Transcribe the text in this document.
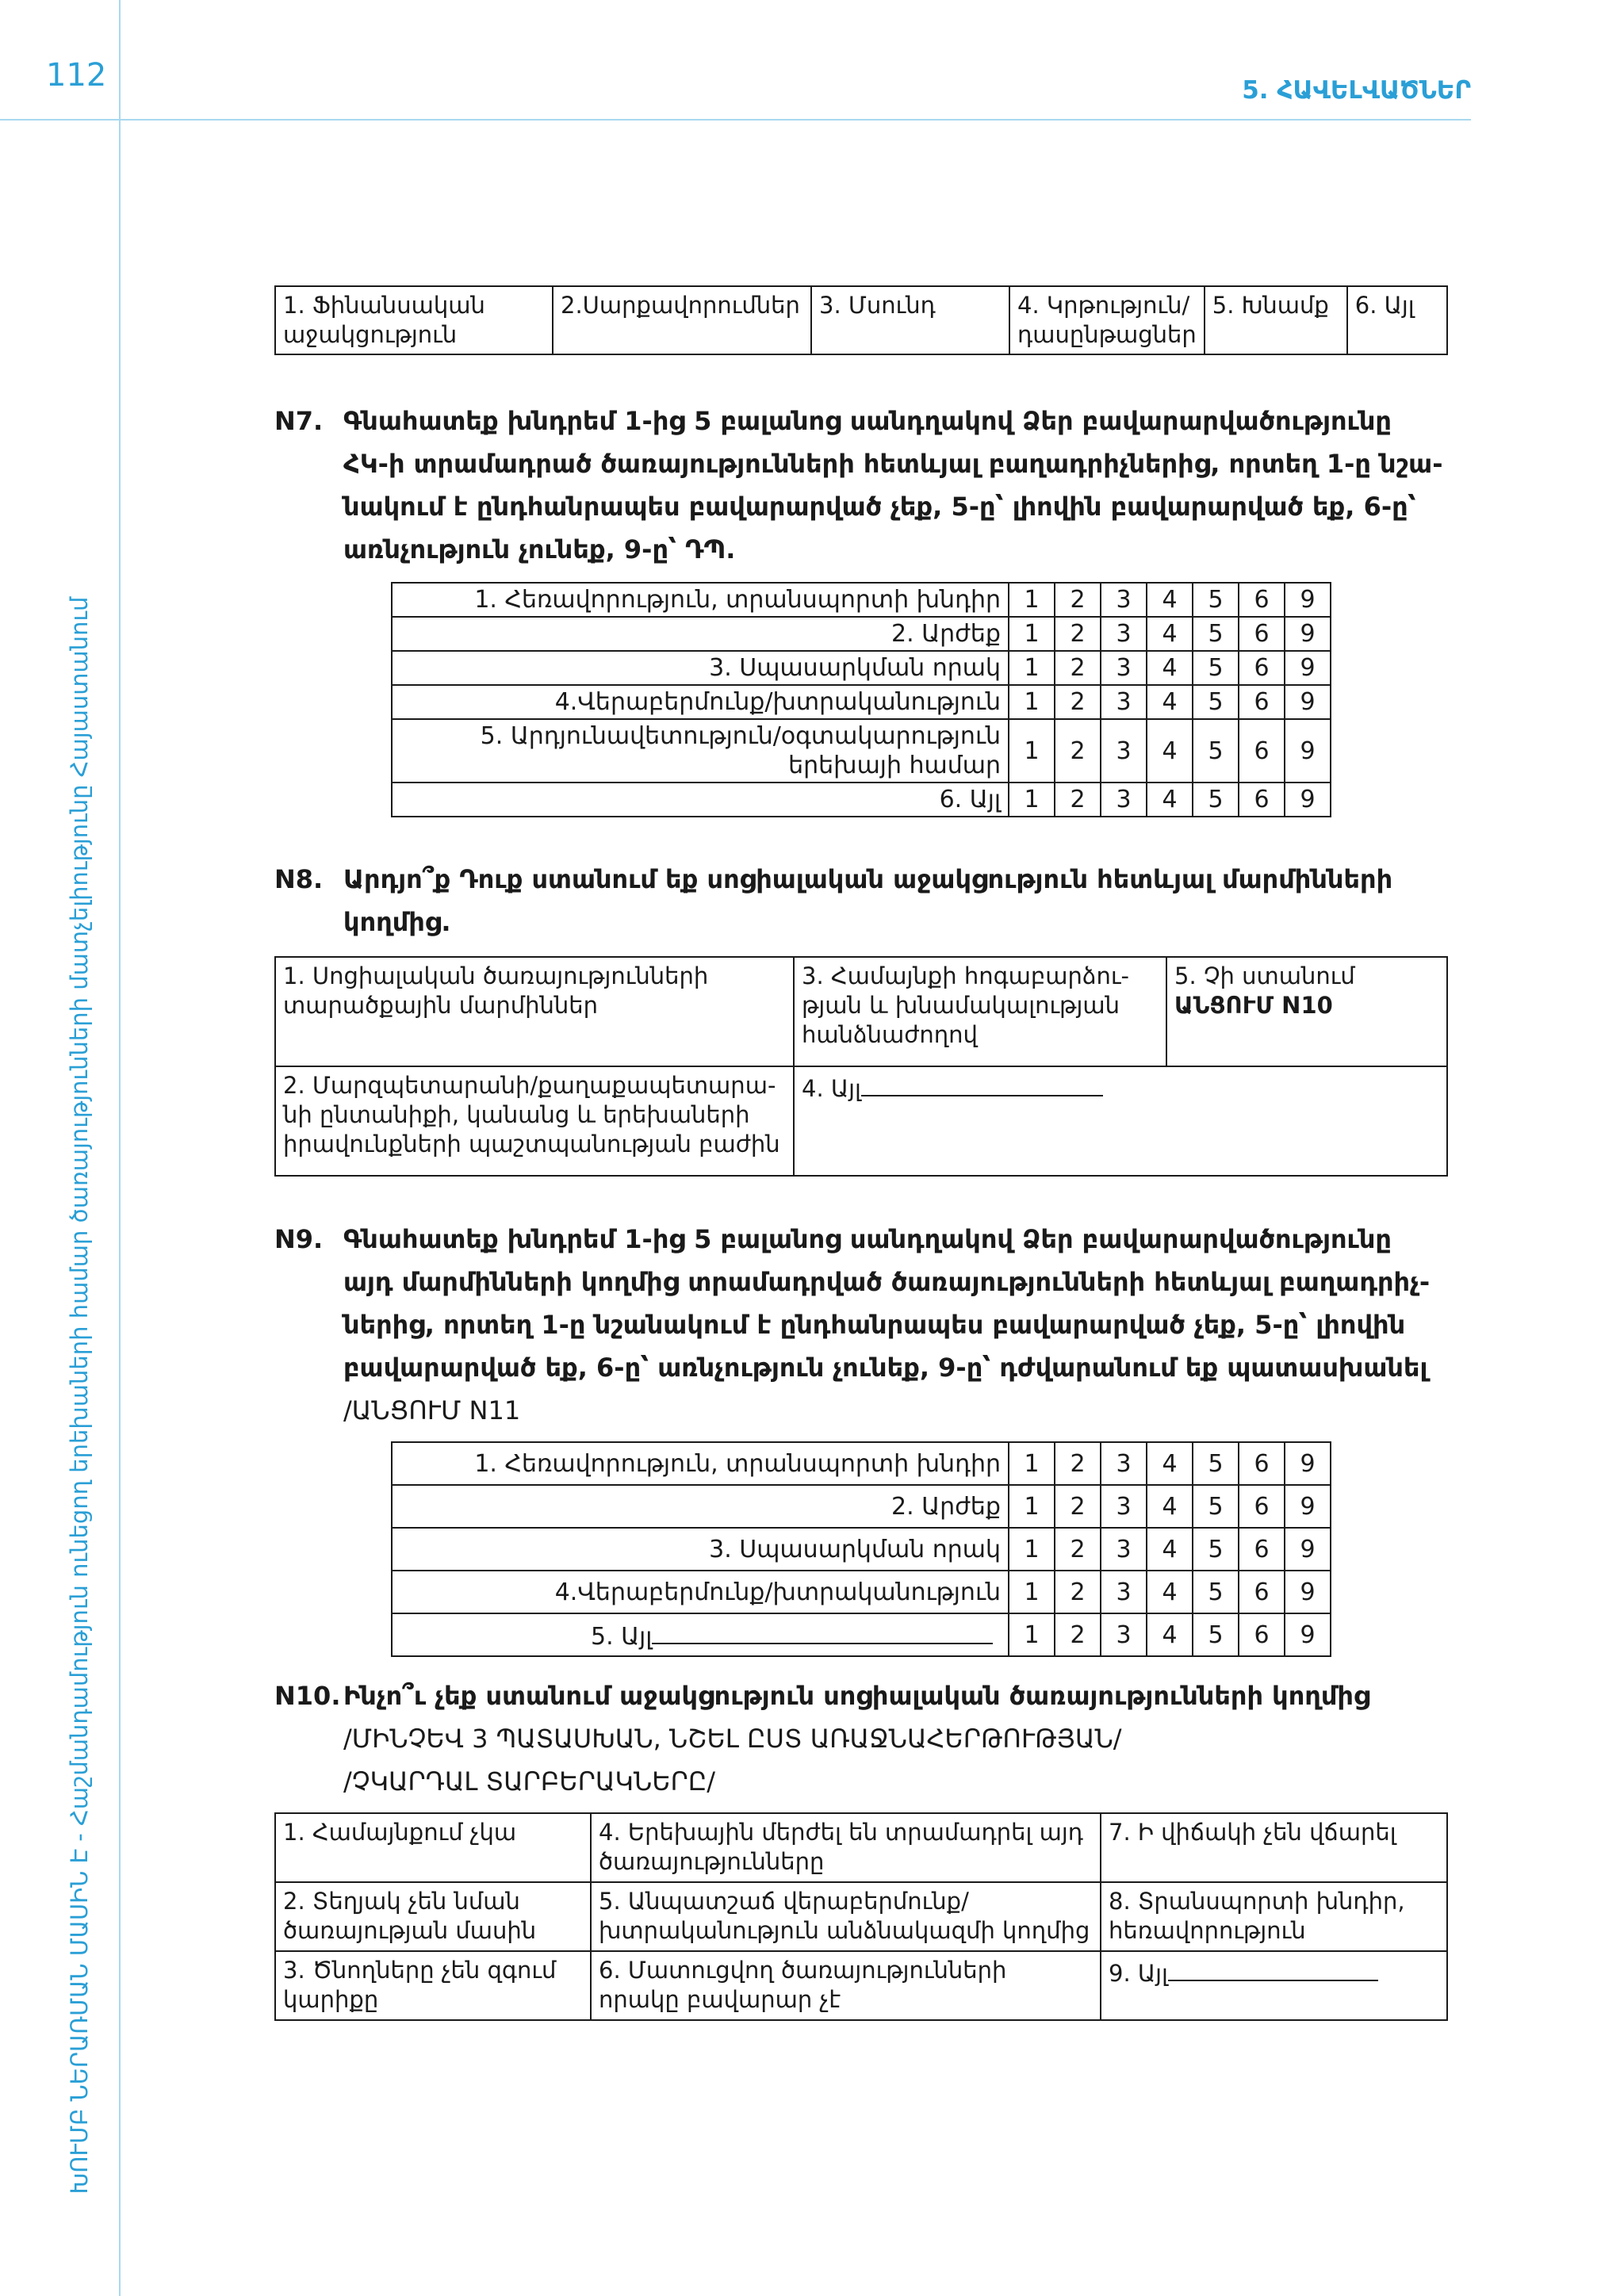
112	5. ՀԱՎԵԼՎԱԾՆԵՐ
ԽՈՒՄԲ ՆԵՐԱՌՄԱՆ ՄԱՍԻՆ Է - Հաշմանդամություն ունեցող երեխաների համար ծառայությունների մատչելիությունը Հայաստանում
1. Ֆինանսական աջակցություն	2.Սարքավորումներ	3. Մսունդ	4. Կրթություն/ դասընթացներ	5. Խնամք	6. Այլ
N7. Գնահատեք խնդրեմ 1-ից 5 բալանոց սանդղակով Ձեր բավարարվածությունը
ՀԿ-ի տրամադրած ծառայությունների հետևյալ բաղադրիչներից, որտեղ 1-ը նշա-
նակում է ընդհանրապես բավարարված չեք, 5-ը՝ լիովին բավարարված եք, 6-ը՝
առնչություն չունեք, 9-ը՝ ԴՊ.
1. Հեռավորություն, տրանսպորտի խնդիր	1	2	3	4	5	6	9
2. Արժեք	1	2	3	4	5	6	9
3. Սպասարկման որակ	1	2	3	4	5	6	9
4.Վերաբերմունք/խտրականություն	1	2	3	4	5	6	9
5. Արդյունավետություն/օգտակարություն երեխայի համար	1	2	3	4	5	6	9
6. Այլ	1	2	3	4	5	6	9
N8. Արդյո՞ք Դուք ստանում եք սոցիալական աջակցություն հետևյալ մարմինների
կողմից.
1. Սոցիալական ծառայությունների տարածքային մարմիններ	3. Համայնքի հոգաբարձու-թյան և խնամակալության հանձնաժողով	5. Չի ստանում
ԱՆՑՈՒՄ N10
2. Մարզպետարանի/քաղաքապետարա-նի ընտանիքի, կանանց և երեխաների իրավունքների պաշտպանության բաժին	4. Այլ	
N9. Գնահատեք խնդրեմ 1-ից 5 բալանոց սանդղակով Ձեր բավարարվածությունը
այդ մարմինների կողմից տրամադրված ծառայությունների հետևյալ բաղադրիչ-
ներից, որտեղ 1-ը նշանակում է ընդհանրապես բավարարված չեք, 5-ը՝ լիովին
բավարարված եք, 6-ը՝ առնչություն չունեք, 9-ը՝ դժվարանում եք պատասխանել
/ԱՆՑՈՒՄ N11
1. Հեռավորություն, տրանսպորտի խնդիր	1	2	3	4	5	6	9
2. Արժեք	1	2	3	4	5	6	9
3. Սպասարկման որակ	1	2	3	4	5	6	9
4.Վերաբերմունք/խտրականություն	1	2	3	4	5	6	9
5. Այլ	1	2	3	4	5	6	9
N10. Ինչո՞ւ չեք ստանում աջակցություն սոցիալական ծառայությունների կողմից
/ՄԻՆՉԵՎ 3 ՊԱՏԱՍԽԱՆ, ՆՇԵԼ ԸՍՏ ԱՌԱՋՆԱՀԵՐԹՈՒԹՅԱՆ/
/ՉԿԱՐԴԱԼ ՏԱՐԲԵՐԱԿՆԵՐԸ/
1. Համայնքում չկա	4. Երեխային մերժել են տրամադրել այդ ծառայությունները	7. Ի վիճակի չեն վճարել
2. Տեղյակ չեն նման ծառայության մասին	5. Անպատշաճ վերաբերմունք/ խտրականություն անձնակազմի կողմից	8. Տրանսպորտի խնդիր, հեռավորություն
3. Ծնողները չեն զգում կարիքը	6. Մատուցվող ծառայությունների որակը բավարար չէ	9. Այլ
